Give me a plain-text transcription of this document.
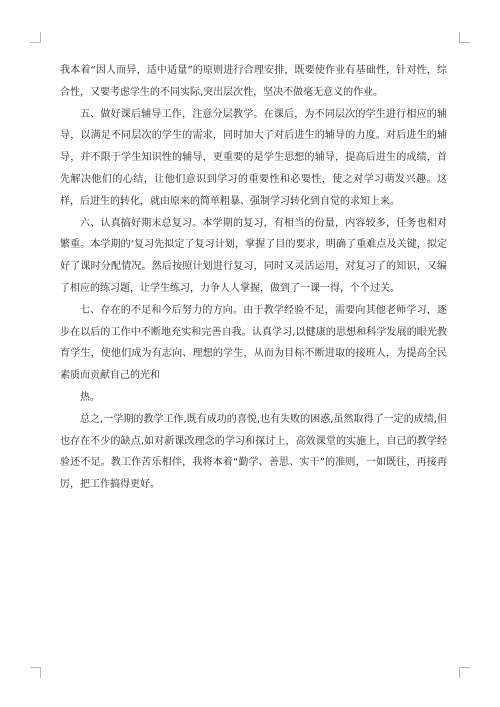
我本着“因人而异，适中适量”的原则进行合理安排，既要使作业有基础性，针对性，综合性，又要考虑学生的不同实际,突出层次性，坚决不做毫无意义的作业。

五、做好课后辅导工作，注意分层教学。在课后，为不同层次的学生进行相应的辅导，以满足不同层次的学生的需求，同时加大了对后进生的辅导的力度。对后进生的辅导，并不限于学生知识性的辅导，更重要的是学生思想的辅导，提高后进生的成绩，首先解决他们的心结，让他们意识到学习的重要性和必要性，使之对学习萌发兴趣。这样，后进生的转化，就由原来的简单粗暴、强制学习转化到自觉的求知上来。

六、认真搞好期末总复习。本学期的复习，有相当的份量，内容较多，任务也相对繁重。本学期的‘复习先拟定了复习计划，掌握了目的要求，明确了重难点及关键，拟定好了课时分配情况。然后按照计划进行复习，同时又灵活运用，对复习了的知识，又编了相应的练习题，让学生练习，力争人人掌握，做到了一课一得，个个过关。

七、存在的不足和今后努力的方向。由于教学经验不足，需要向其他老师学习，逐步在以后的工作中不断地充实和完善自我。认真学习,以健康的思想和科学发展的眼光教育学生，使他们成为有志向、理想的学生，从而为目标不断进取的接班人，为提高全民素质而贡献自己的光和

热。

总之,一学期的教学工作,既有成功的喜悦,也有失败的困惑,虽然取得了一定的成绩,但也存在不少的缺点,如对新课改理念的学习和探讨上，高效课堂的实施上，自己的教学经验还不足。教工作苦乐相伴，我将本着“勤学、善思、实干”的准则，一如既往，再接再厉，把工作搞得更好。
